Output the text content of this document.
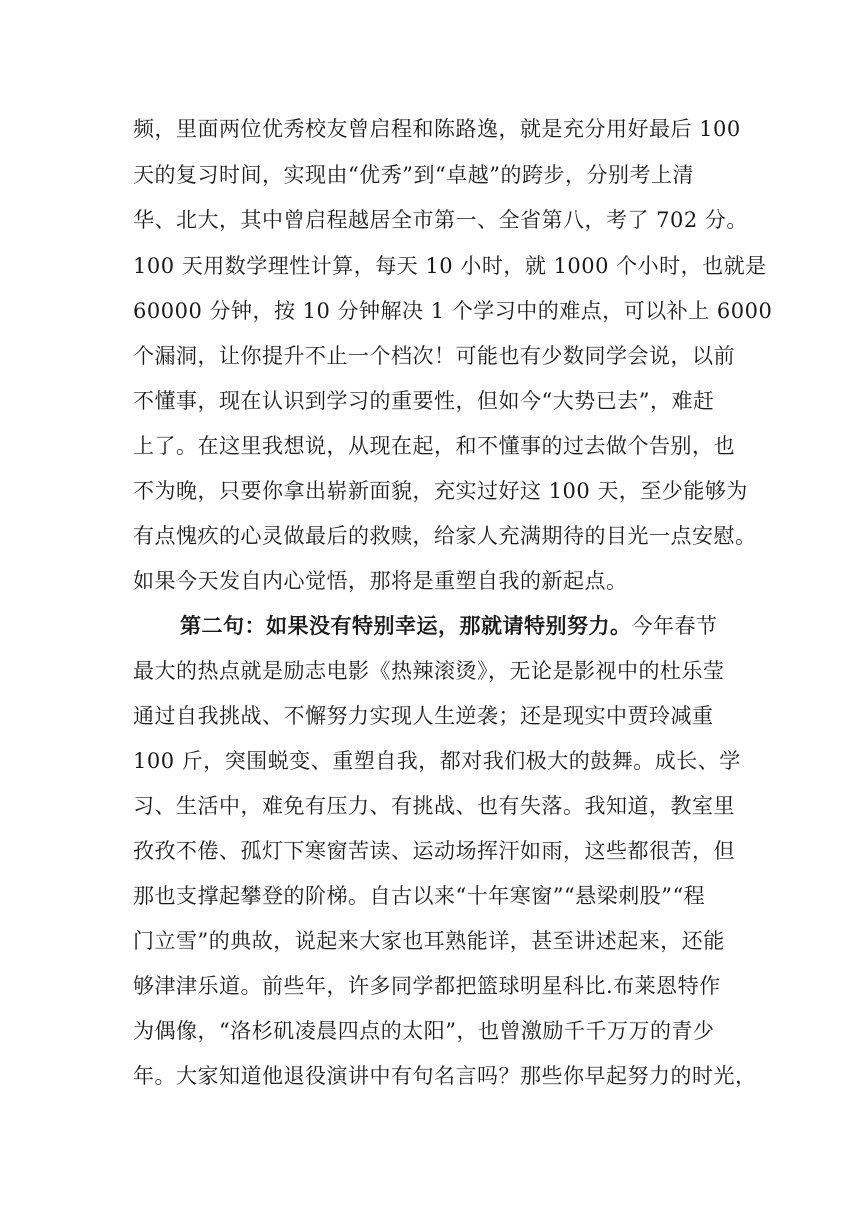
频，里面两位优秀校友曾启程和陈路逸，就是充分用好最后 100
天的复习时间，实现由“优秀”到“卓越”的跨步，分别考上清
华、北大，其中曾启程越居全市第一、全省第八，考了 702 分。
100 天用数学理性计算，每天 10 小时，就 1000 个小时，也就是
60000 分钟，按 10 分钟解决 1 个学习中的难点，可以补上 6000
个漏洞，让你提升不止一个档次！可能也有少数同学会说，以前
不懂事，现在认识到学习的重要性，但如今“大势已去”，难赶
上了。在这里我想说，从现在起，和不懂事的过去做个告别，也
不为晚，只要你拿出崭新面貌，充实过好这 100 天，至少能够为
有点愧疚的心灵做最后的救赎，给家人充满期待的目光一点安慰。
如果今天发自内心觉悟，那将是重塑自我的新起点。
第二句：如果没有特别幸运，那就请特别努力。今年春节
最大的热点就是励志电影《热辣滚烫》，无论是影视中的杜乐莹
通过自我挑战、不懈努力实现人生逆袭；还是现实中贾玲减重
100 斤，突围蜕变、重塑自我，都对我们极大的鼓舞。成长、学
习、生活中，难免有压力、有挑战、也有失落。我知道，教室里
孜孜不倦、孤灯下寒窗苦读、运动场挥汗如雨，这些都很苦，但
那也支撑起攀登的阶梯。自古以来“十年寒窗”“悬梁刺股”“程
门立雪”的典故，说起来大家也耳熟能详，甚至讲述起来，还能
够津津乐道。前些年，许多同学都把篮球明星科比.布莱恩特作
为偶像，“洛杉矶凌晨四点的太阳”，也曾激励千千万万的青少
年。大家知道他退役演讲中有句名言吗？那些你早起努力的时光，
